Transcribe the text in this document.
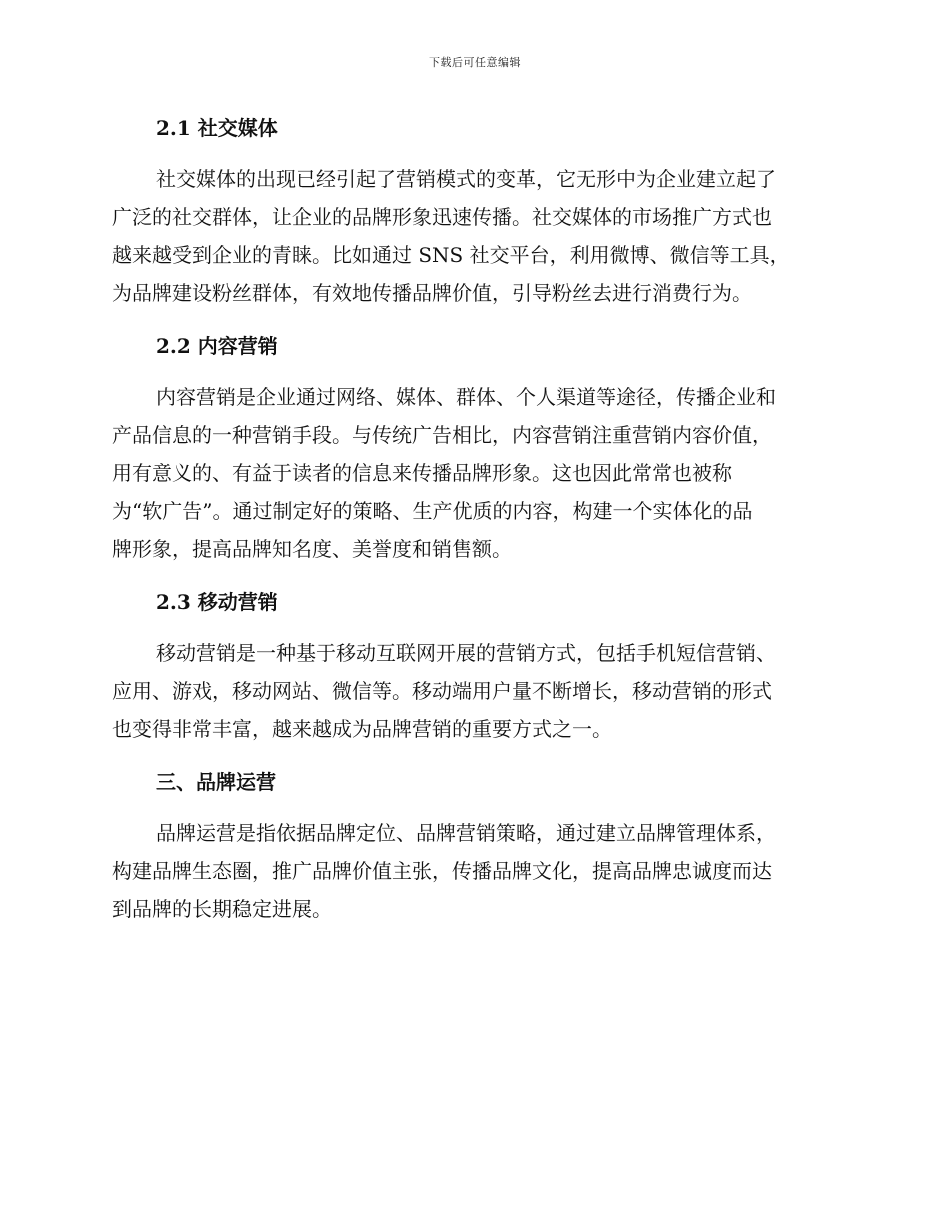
下载后可任意编辑
2.1 社交媒体

社交媒体的出现已经引起了营销模式的变革，它无形中为企业建立起了
广泛的社交群体，让企业的品牌形象迅速传播。社交媒体的市场推广方式也
越来越受到企业的青睐。比如通过 SNS 社交平台，利用微博、微信等工具，
为品牌建设粉丝群体，有效地传播品牌价值，引导粉丝去进行消费行为。

2.2 内容营销

内容营销是企业通过网络、媒体、群体、个人渠道等途径，传播企业和
产品信息的一种营销手段。与传统广告相比，内容营销注重营销内容价值，
用有意义的、有益于读者的信息来传播品牌形象。这也因此常常也被称
为“软广告”。通过制定好的策略、生产优质的内容，构建一个实体化的品
牌形象，提高品牌知名度、美誉度和销售额。

2.3 移动营销

移动营销是一种基于移动互联网开展的营销方式，包括手机短信营销、
应用、游戏，移动网站、微信等。移动端用户量不断增长，移动营销的形式
也变得非常丰富，越来越成为品牌营销的重要方式之一。

三、品牌运营

品牌运营是指依据品牌定位、品牌营销策略，通过建立品牌管理体系，
构建品牌生态圈，推广品牌价值主张，传播品牌文化，提高品牌忠诚度而达
到品牌的长期稳定进展。
